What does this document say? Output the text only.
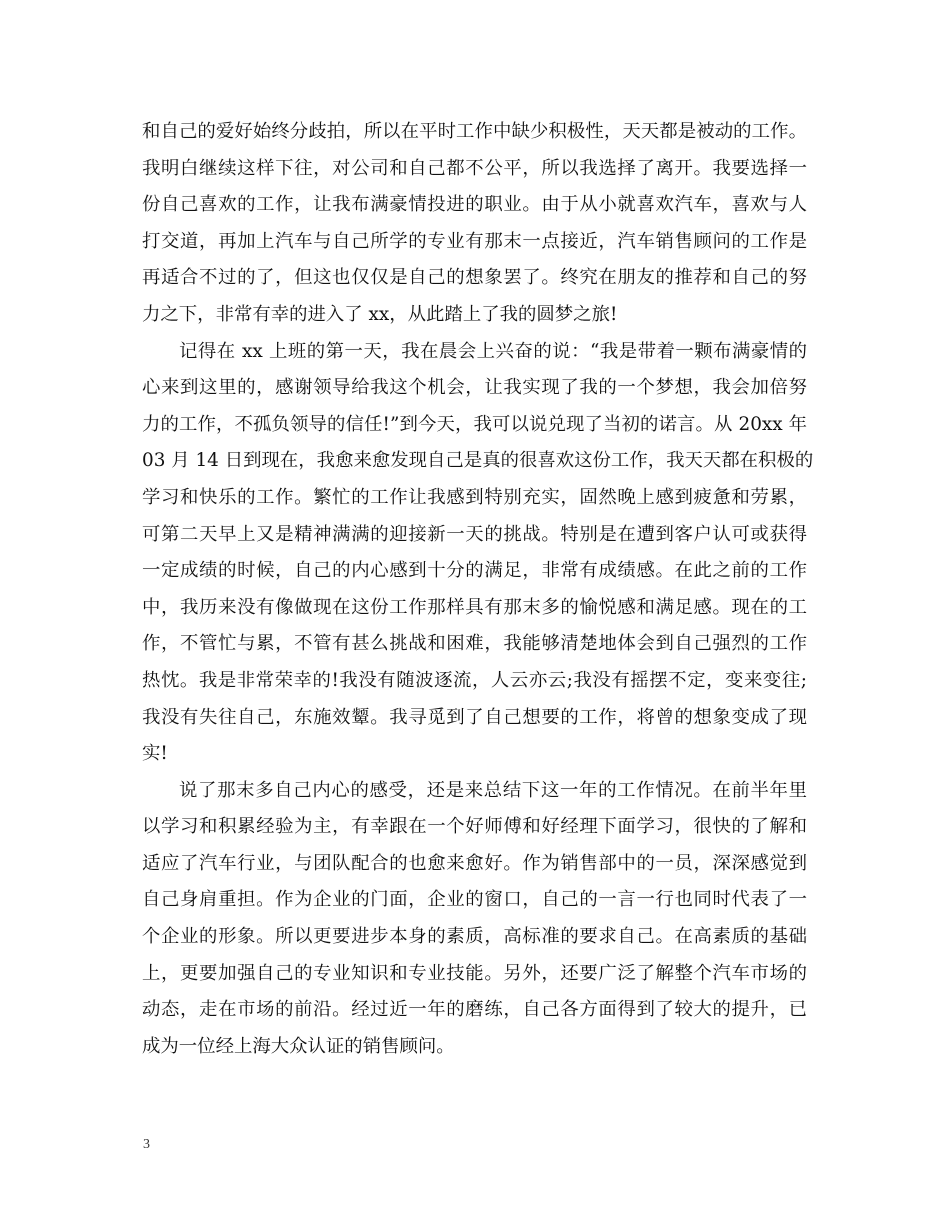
和自己的爱好始终分歧拍，所以在平时工作中缺少积极性，天天都是被动的工作。
我明白继续这样下往，对公司和自己都不公平，所以我选择了离开。我要选择一
份自己喜欢的工作，让我布满豪情投进的职业。由于从小就喜欢汽车，喜欢与人
打交道，再加上汽车与自己所学的专业有那末一点接近，汽车销售顾问的工作是
再适合不过的了，但这也仅仅是自己的想象罢了。终究在朋友的推荐和自己的努
力之下，非常有幸的进入了 xx，从此踏上了我的圆梦之旅!
记得在 xx 上班的第一天，我在晨会上兴奋的说：“我是带着一颗布满豪情的
心来到这里的，感谢领导给我这个机会，让我实现了我的一个梦想，我会加倍努
力的工作，不孤负领导的信任!”到今天，我可以说兑现了当初的诺言。从 20xx 年
03 月 14 日到现在，我愈来愈发现自己是真的很喜欢这份工作，我天天都在积极的
学习和快乐的工作。繁忙的工作让我感到特别充实，固然晚上感到疲惫和劳累，
可第二天早上又是精神满满的迎接新一天的挑战。特别是在遭到客户认可或获得
一定成绩的时候，自己的内心感到十分的满足，非常有成绩感。在此之前的工作
中，我历来没有像做现在这份工作那样具有那末多的愉悦感和满足感。现在的工
作，不管忙与累，不管有甚么挑战和困难，我能够清楚地体会到自己强烈的工作
热忱。我是非常荣幸的!我没有随波逐流，人云亦云;我没有摇摆不定，变来变往;
我没有失往自己，东施效颦。我寻觅到了自己想要的工作，将曾的想象变成了现
实!
说了那末多自己内心的感受，还是来总结下这一年的工作情况。在前半年里
以学习和积累经验为主，有幸跟在一个好师傅和好经理下面学习，很快的了解和
适应了汽车行业，与团队配合的也愈来愈好。作为销售部中的一员，深深感觉到
自己身肩重担。作为企业的门面，企业的窗口，自己的一言一行也同时代表了一
个企业的形象。所以更要进步本身的素质，高标准的要求自己。在高素质的基础
上，更要加强自己的专业知识和专业技能。另外，还要广泛了解整个汽车市场的
动态，走在市场的前沿。经过近一年的磨练，自己各方面得到了较大的提升，已
成为一位经上海大众认证的销售顾问。
3
